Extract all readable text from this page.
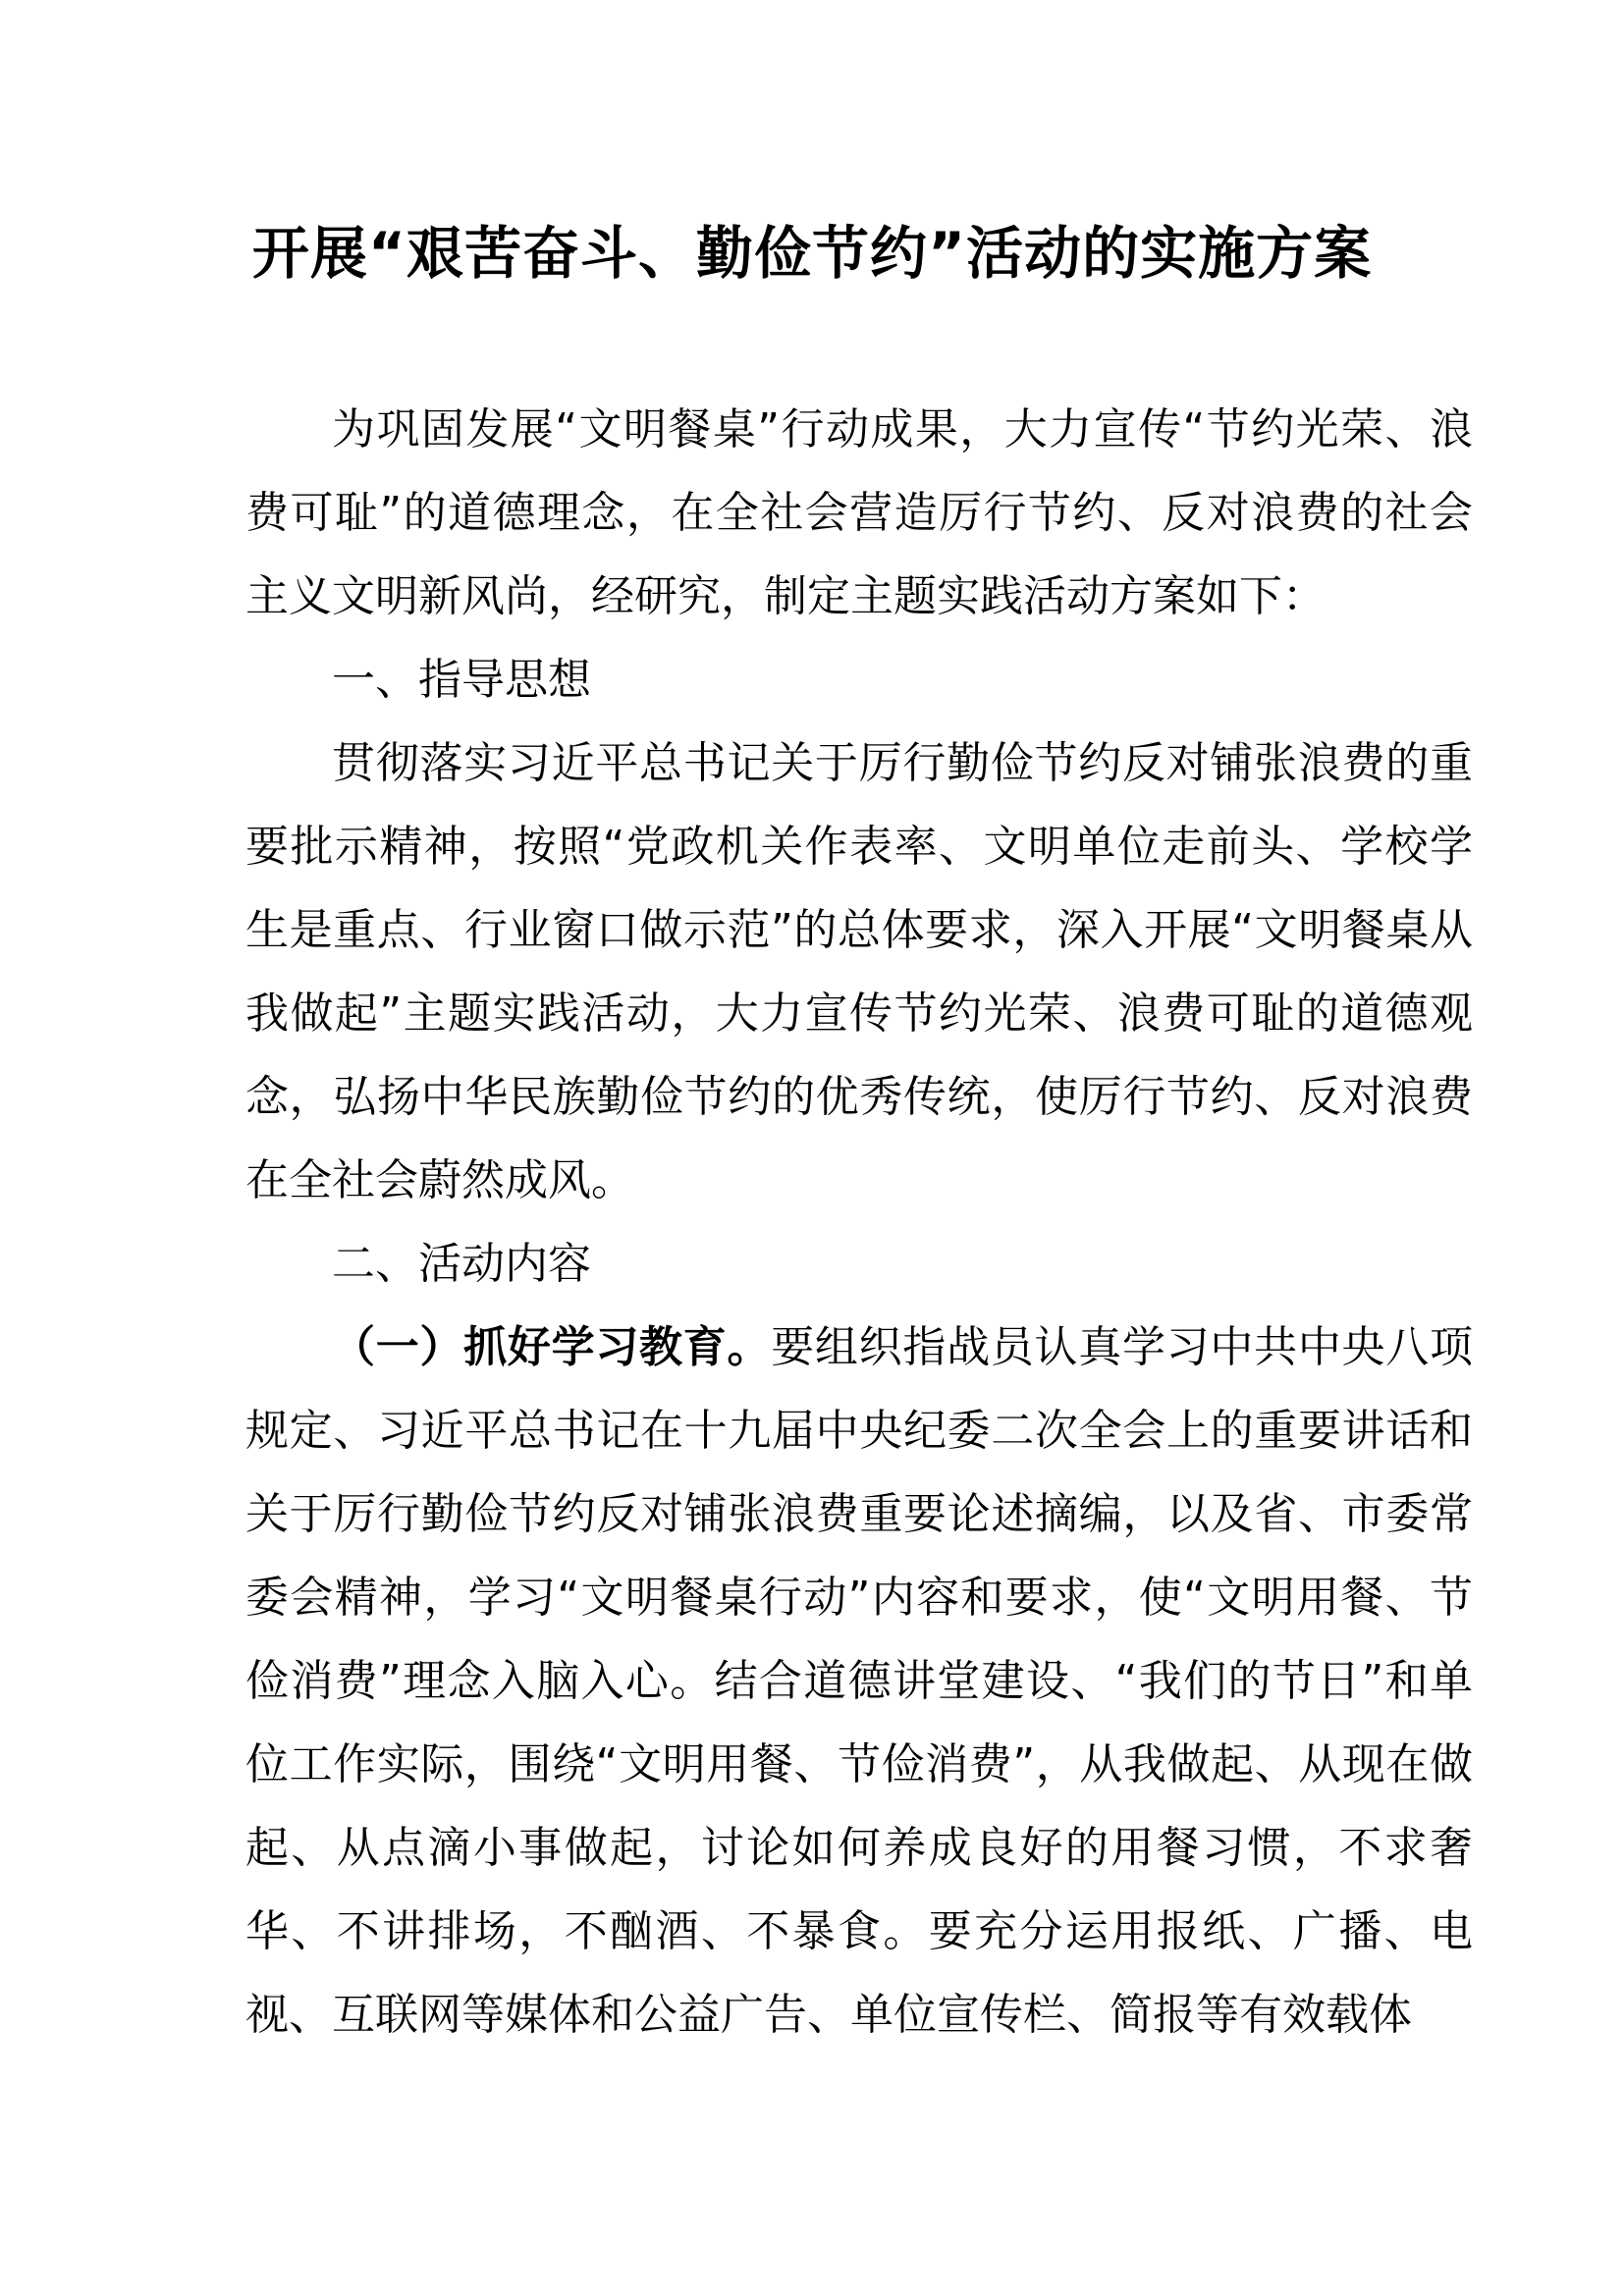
开展“艰苦奋斗、勤俭节约”活动的实施方案

为巩固发展“文明餐桌”行动成果，大力宣传“节约光荣、浪费可耻”的道德理念，在全社会营造厉行节约、反对浪费的社会主义文明新风尚，经研究，制定主题实践活动方案如下：

一、指导思想

贯彻落实习近平总书记关于厉行勤俭节约反对铺张浪费的重要批示精神，按照“党政机关作表率、文明单位走前头、学校学生是重点、行业窗口做示范”的总体要求，深入开展“文明餐桌从我做起”主题实践活动，大力宣传节约光荣、浪费可耻的道德观念，弘扬中华民族勤俭节约的优秀传统，使厉行节约、反对浪费在全社会蔚然成风。

二、活动内容

（一）抓好学习教育。要组织指战员认真学习中共中央八项规定、习近平总书记在十九届中央纪委二次全会上的重要讲话和关于厉行勤俭节约反对铺张浪费重要论述摘编，以及省、市委常委会精神，学习“文明餐桌行动”内容和要求，使“文明用餐、节俭消费”理念入脑入心。结合道德讲堂建设、“我们的节日”和单位工作实际，围绕“文明用餐、节俭消费”，从我做起、从现在做起、从点滴小事做起，讨论如何养成良好的用餐习惯，不求奢华、不讲排场，不酗酒、不暴食。要充分运用报纸、广播、电视、互联网等媒体和公益广告、单位宣传栏、简报等有效载体
